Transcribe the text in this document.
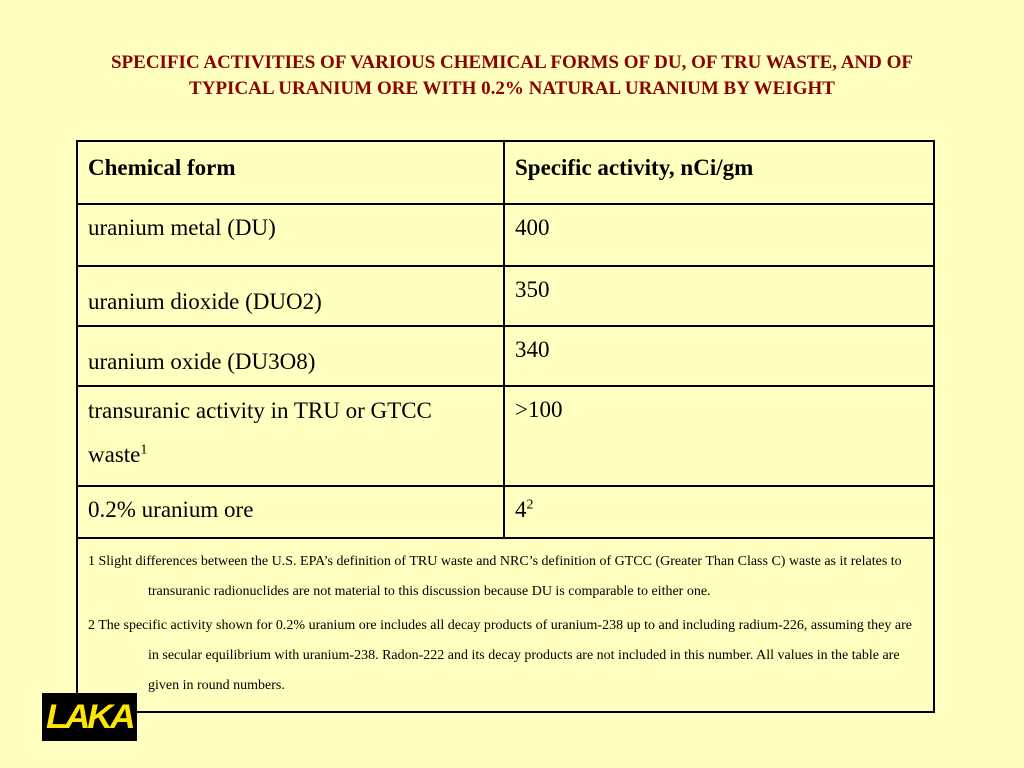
SPECIFIC ACTIVITIES OF VARIOUS CHEMICAL FORMS OF DU, OF TRU WASTE, AND OF TYPICAL URANIUM ORE WITH 0.2% NATURAL URANIUM BY WEIGHT
Chemical form	Specific activity, nCi/gm
uranium metal (DU)	400
uranium dioxide (DUO2)	350
uranium oxide (DU3O8)	340
transuranic activity in TRU or GTCC waste$^1$	>100
0.2% uranium ore	$4^2$

1 Slight differences between the U.S. EPA’s definition of TRU waste and NRC’s definition of GTCC (Greater Than Class C) waste as it relates to transuranic radionuclides are not material to this discussion because DU is comparable to either one.

2 The specific activity shown for 0.2% uranium ore includes all decay products of uranium-238 up to and including radium-226, assuming they are in secular equilibrium with uranium-238. Radon-222 and its decay products are not included in this number. All values in the table are given in round numbers.	

LAKA
